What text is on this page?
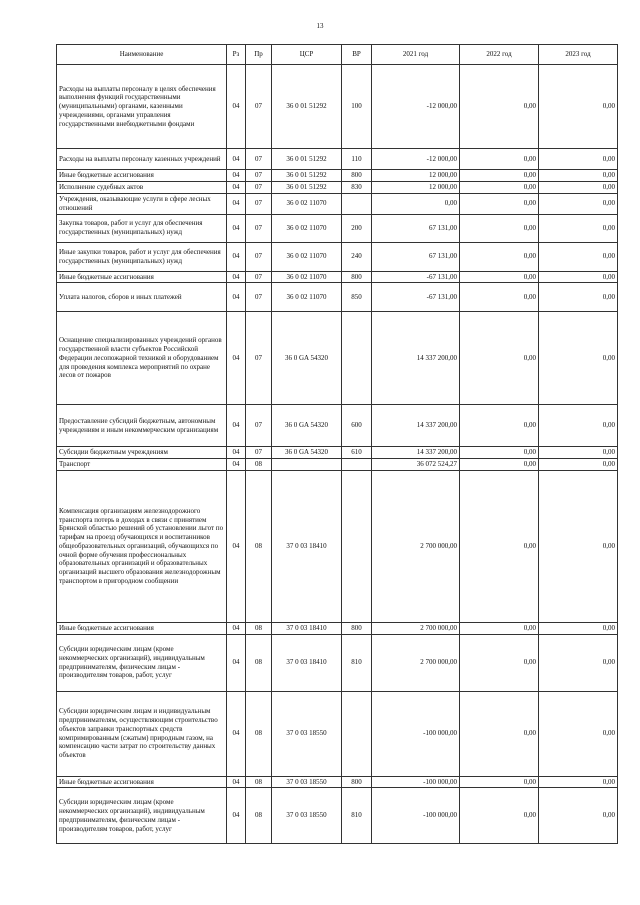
13
Наименование	Рз	Пр	ЦСР	ВР	2021 год	2022 год	2023 год
Расходы на выплаты персоналу в целях обеспечения выполнения функций государственными (муниципальными) органами, казенными учреждениями, органами управления государственными внебюджетными фондами	04	07	36 0 01 51292	100	-12 000,00	0,00	0,00
Расходы на выплаты персоналу казенных учреждений	04	07	36 0 01 51292	110	-12 000,00	0,00	0,00
Иные бюджетные ассигнования	04	07	36 0 01 51292	800	12 000,00	0,00	0,00
Исполнение судебных актов	04	07	36 0 01 51292	830	12 000,00	0,00	0,00
Учреждения, оказывающие услуги в сфере лесных отношений	04	07	36 0 02 11070		0,00	0,00	0,00
Закупка товаров, работ и услуг для обеспечения государственных (муниципальных) нужд	04	07	36 0 02 11070	200	67 131,00	0,00	0,00
Иные закупки товаров, работ и услуг для обеспечения государственных (муниципальных) нужд	04	07	36 0 02 11070	240	67 131,00	0,00	0,00
Иные бюджетные ассигнования	04	07	36 0 02 11070	800	-67 131,00	0,00	0,00
Уплата налогов, сборов и иных платежей	04	07	36 0 02 11070	850	-67 131,00	0,00	0,00
Оснащение специализированных учреждений органов государственной власти субъектов Российской Федерации лесопожарной техникой и оборудованием для проведения комплекса мероприятий по охране лесов от пожаров	04	07	36 0 GA 54320		14 337 200,00	0,00	0,00
Предоставление субсидий бюджетным, автономным учреждениям и иным некоммерческим организациям	04	07	36 0 GA 54320	600	14 337 200,00	0,00	0,00
Субсидии бюджетным учреждениям	04	07	36 0 GA 54320	610	14 337 200,00	0,00	0,00
Транспорт	04	08			36 072 524,27	0,00	0,00
Компенсация организациям железнодорожного транспорта потерь в доходах в связи с принятием Брянской областью решений об установлении льгот по тарифам на проезд обучающихся и воспитанников общеобразовательных организаций, обучающихся по очной форме обучения профессиональных образовательных организаций и образовательных организаций высшего образования железнодорожным транспортом в пригородном сообщении	04	08	37 0 03 18410		2 700 000,00	0,00	0,00
Иные бюджетные ассигнования	04	08	37 0 03 18410	800	2 700 000,00	0,00	0,00
Субсидии юридическим лицам (кроме некоммерческих организаций), индивидуальным предпринимателям, физическим лицам - производителям товаров, работ, услуг	04	08	37 0 03 18410	810	2 700 000,00	0,00	0,00
Субсидии юридическим лицам и индивидуальным предпринимателям, осуществляющим строительство объектов заправки транспортных средств компримированным (сжатым) природным газом, на компенсацию части затрат по строительству данных объектов	04	08	37 0 03 18550		-100 000,00	0,00	0,00
Иные бюджетные ассигнования	04	08	37 0 03 18550	800	-100 000,00	0,00	0,00
Субсидии юридическим лицам (кроме некоммерческих организаций), индивидуальным предпринимателям, физическим лицам - производителям товаров, работ, услуг	04	08	37 0 03 18550	810	-100 000,00	0,00	0,00
